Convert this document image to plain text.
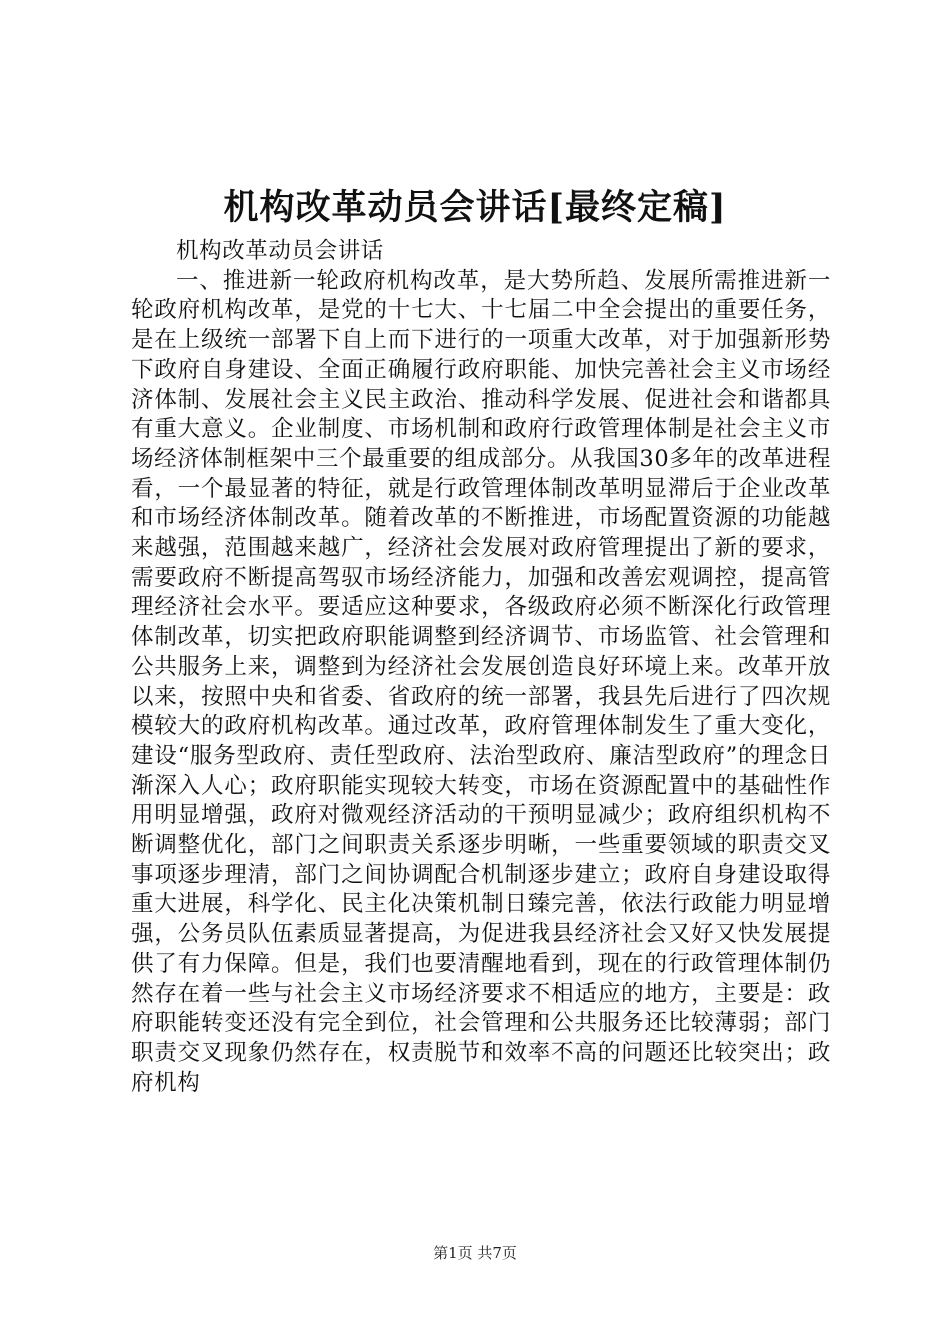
机构改革动员会讲话[最终定稿]

机构改革动员会讲话

一、推进新一轮政府机构改革，是大势所趋、发展所需推进新一轮政府机构改革，是党的十七大、十七届二中全会提出的重要任务，是在上级统一部署下自上而下进行的一项重大改革，对于加强新形势下政府自身建设、全面正确履行政府职能、加快完善社会主义市场经济体制、发展社会主义民主政治、推动科学发展、促进社会和谐都具有重大意义。企业制度、市场机制和政府行政管理体制是社会主义市场经济体制框架中三个最重要的组成部分。从我国30多年的改革进程看，一个最显著的特征，就是行政管理体制改革明显滞后于企业改革和市场经济体制改革。随着改革的不断推进，市场配置资源的功能越来越强，范围越来越广，经济社会发展对政府管理提出了新的要求，需要政府不断提高驾驭市场经济能力，加强和改善宏观调控，提高管理经济社会水平。要适应这种要求，各级政府必须不断深化行政管理体制改革，切实把政府职能调整到经济调节、市场监管、社会管理和公共服务上来，调整到为经济社会发展创造良好环境上来。改革开放以来，按照中央和省委、省政府的统一部署，我县先后进行了四次规模较大的政府机构改革。通过改革，政府管理体制发生了重大变化，建设“服务型政府、责任型政府、法治型政府、廉洁型政府”的理念日渐深入人心；政府职能实现较大转变，市场在资源配置中的基础性作用明显增强，政府对微观经济活动的干预明显减少；政府组织机构不断调整优化，部门之间职责关系逐步明晰，一些重要领域的职责交叉事项逐步理清，部门之间协调配合机制逐步建立；政府自身建设取得重大进展，科学化、民主化决策机制日臻完善，依法行政能力明显增强，公务员队伍素质显著提高，为促进我县经济社会又好又快发展提供了有力保障。但是，我们也要清醒地看到，现在的行政管理体制仍然存在着一些与社会主义市场经济要求不相适应的地方，主要是：政府职能转变还没有完全到位，社会管理和公共服务还比较薄弱；部门职责交叉现象仍然存在，权责脱节和效率不高的问题还比较突出；政府机构

第1页 共7页
